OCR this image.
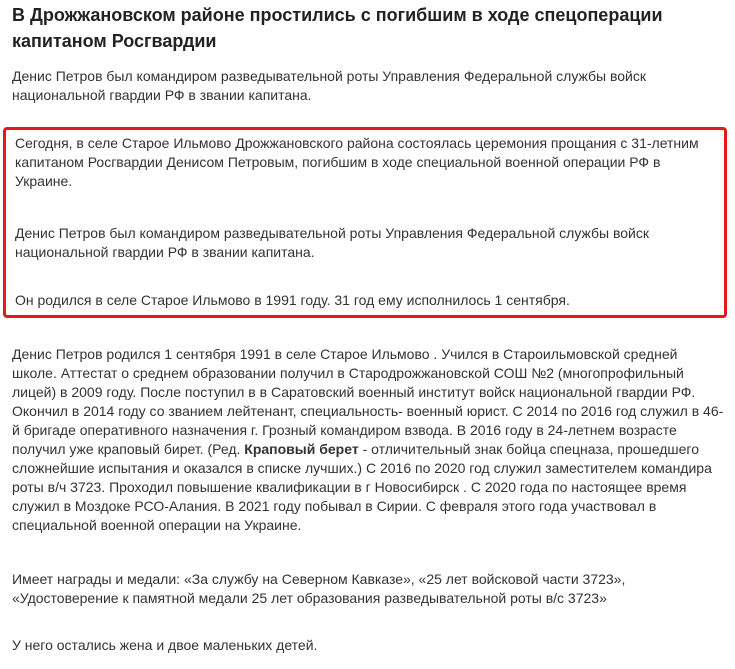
В Дрожжановском районе простились с погибшим в ходе спецоперации капитаном Росгвардии

Денис Петров был командиром разведывательной роты Управления Федеральной службы войск национальной гвардии РФ в звании капитана.

Сегодня, в селе Старое Ильмово Дрожжановского района состоялась церемония прощания с 31-летним капитаном Росгвардии Денисом Петровым, погибшим в ходе специальной военной операции РФ в Украине.

Денис Петров был командиром разведывательной роты Управления Федеральной службы войск национальной гвардии РФ в звании капитана.

Он родился в селе Старое Ильмово в 1991 году. 31 год ему исполнилось 1 сентября.

Денис Петров родился 1 сентября 1991 в селе Старое Ильмово . Учился в Староильмовской средней школе. Аттестат о среднем образовании получил в Стародрожжановской СОШ №2 (многопрофильный лицей) в 2009 году. После поступил в в Саратовский военный институт войск национальной гвардии РФ. Окончил в 2014 году со званием лейтенант, специальность- военный юрист. С 2014 по 2016 год служил в 46-й бригаде оперативного назначения г. Грозный командиром взвода. В 2016 году в 24-летнем возрасте получил уже краповый бирет. (Ред. Краповый берет - отличительный знак бойца спецназа, прошедшего сложнейшие испытания и оказался в списке лучших.) С 2016 по 2020 год служил заместителем командира роты в/ч 3723. Проходил повышение квалификации в г Новосибирск . С 2020 года по настоящее время служил в Моздоке РСО-Алания. В 2021 году побывал в Сирии. С февраля этого года участвовал в специальной военной операции на Украине.

Имеет награды и медали: «За службу на Северном Кавказе», «25 лет войсковой части 3723», «Удостоверение к памятной медали 25 лет образования разведывательной роты в/с 3723»

У него остались жена и двое маленьких детей.
